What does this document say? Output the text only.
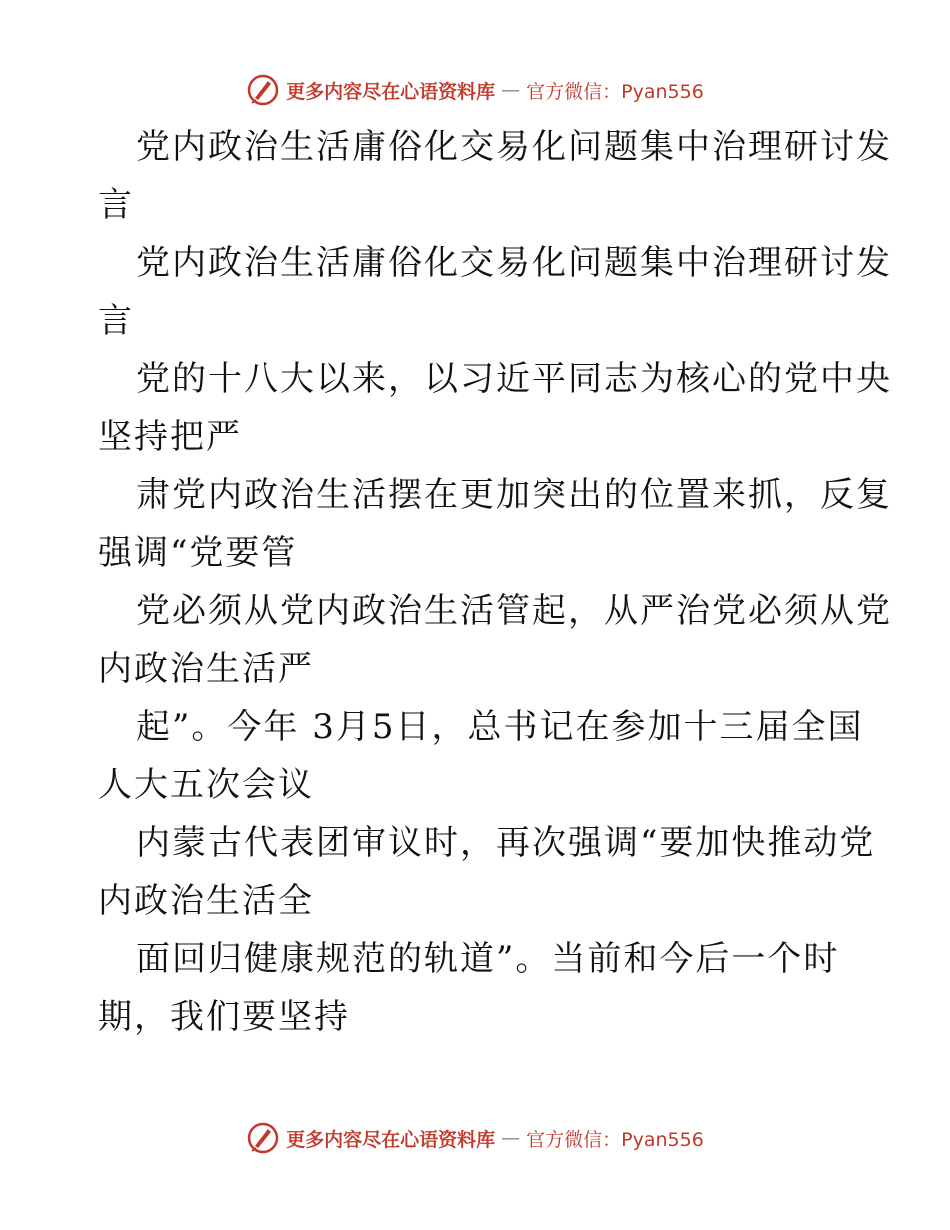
更多内容尽在心语资料库 — 官方微信：Pyan556

党内政治生活庸俗化交易化问题集中治理研讨发
言

党内政治生活庸俗化交易化问题集中治理研讨发
言

党的十八大以来，以习近平同志为核心的党中央
坚持把严

肃党内政治生活摆在更加突出的位置来抓，反复
强调“党要管

党必须从党内政治生活管起，从严治党必须从党
内政治生活严

起”。今年 3月5日，总书记在参加十三届全国
人大五次会议

内蒙古代表团审议时，再次强调“要加快推动党
内政治生活全

面回归健康规范的轨道”。当前和今后一个时
期，我们要坚持

更多内容尽在心语资料库 — 官方微信：Pyan556
